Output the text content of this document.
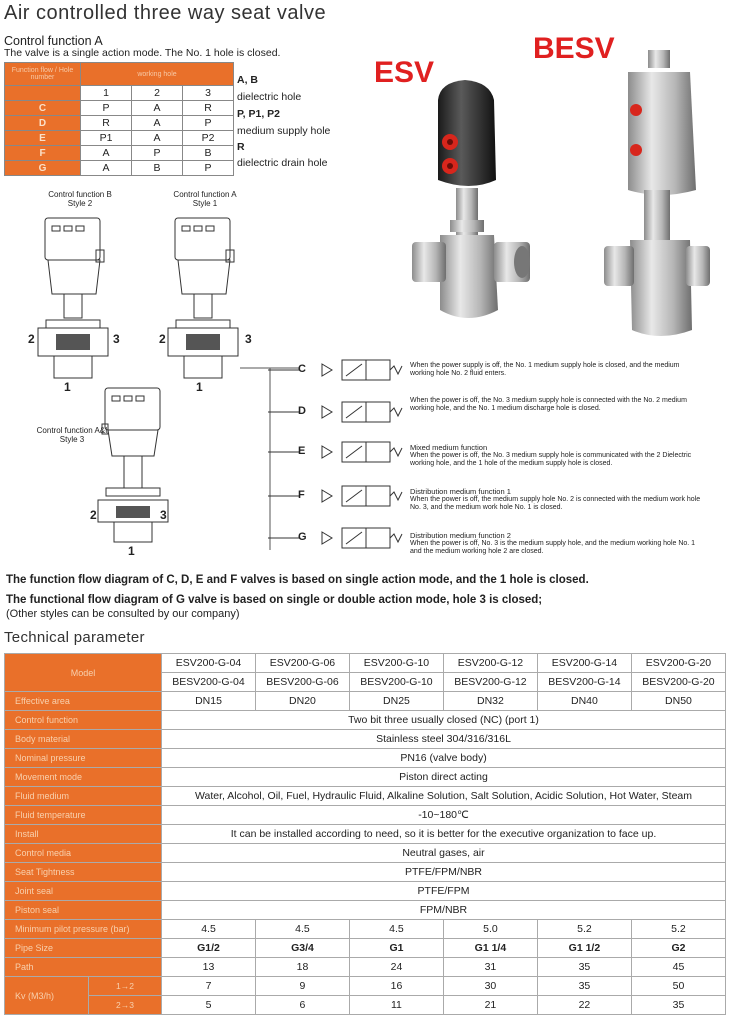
Air controlled three way seat valve
Control function A
The valve is a single action mode. The No. 1 hole is closed.
Function flow / Hole number	working hole		
	1	2	3
C	P	A	R
D	R	A	P
E	P1	A	P2
F	A	P	B
G	A	B	P
A, B
dielectric hole
P, P1, P2
medium supply hole
R
dielectric drain hole
ESV
BESV
Control function B
Style 2
Control function A
Style 1
Control function A&I
Style 3
2	3
1
2	3
1
2	3
1
C
D
E
F
G
When the power supply is off, the No. 1 medium supply hole is closed, and the medium working hole No. 2 fluid enters.
When the power is off, the No. 3 medium supply hole is connected with the No. 2 medium working hole, and the No. 1 medium discharge hole is closed.
Mixed medium function
When the power is off, the No. 3 medium supply hole is communicated with the 2 Dielectric working hole, and the 1 hole of the medium supply hole is closed.
Distribution medium function 1
When the power is off, the medium supply hole No. 2 is connected with the medium work hole No. 3, and the medium work hole No. 1 is closed.
Distribution medium function 2
When the power is off, No. 3 is the medium supply hole, and the medium working hole No. 1 and the medium working hole 2 are closed.
The function flow diagram of C, D, E and F valves is based on single action mode, and the 1 hole is closed.
The functional flow diagram of G valve is based on single or double action mode, hole 3 is closed;
(Other styles can be consulted by our company)
Technical parameter
Model		ESV200-G-04	ESV200-G-06	ESV200-G-10	ESV200-G-12	ESV200-G-14	ESV200-G-20
		BESV200-G-04	BESV200-G-06	BESV200-G-10	BESV200-G-12	BESV200-G-14	BESV200-G-20
Effective area		DN15	DN20	DN25	DN32	DN40	DN50
Control function		Two bit three usually closed (NC) (port 1)					
Body material		Stainless steel 304/316/316L					
Nominal pressure		PN16 (valve body)					
Movement mode		Piston direct acting					
Fluid medium		Water, Alcohol, Oil, Fuel, Hydraulic Fluid, Alkaline Solution, Salt Solution, Acidic Solution, Hot Water, Steam					
Fluid temperature		-10~180℃					
Install		It can be installed according to need, so it is better for the executive organization to face up.					
Control media		Neutral gases, air					
Seat Tightness		PTFE/FPM/NBR					
Joint seal		PTFE/FPM					
Piston seal		FPM/NBR					
Minimum pilot pressure (bar)		4.5	4.5	4.5	5.0	5.2	5.2
Pipe Size		G1/2	G3/4	G1	G1 1/4	G1 1/2	G2
Path		13	18	24	31	35	45
Kv (M3/h)	1→2	7	9	16	30	35	50
	2→3	5	6	11	21	22	35
